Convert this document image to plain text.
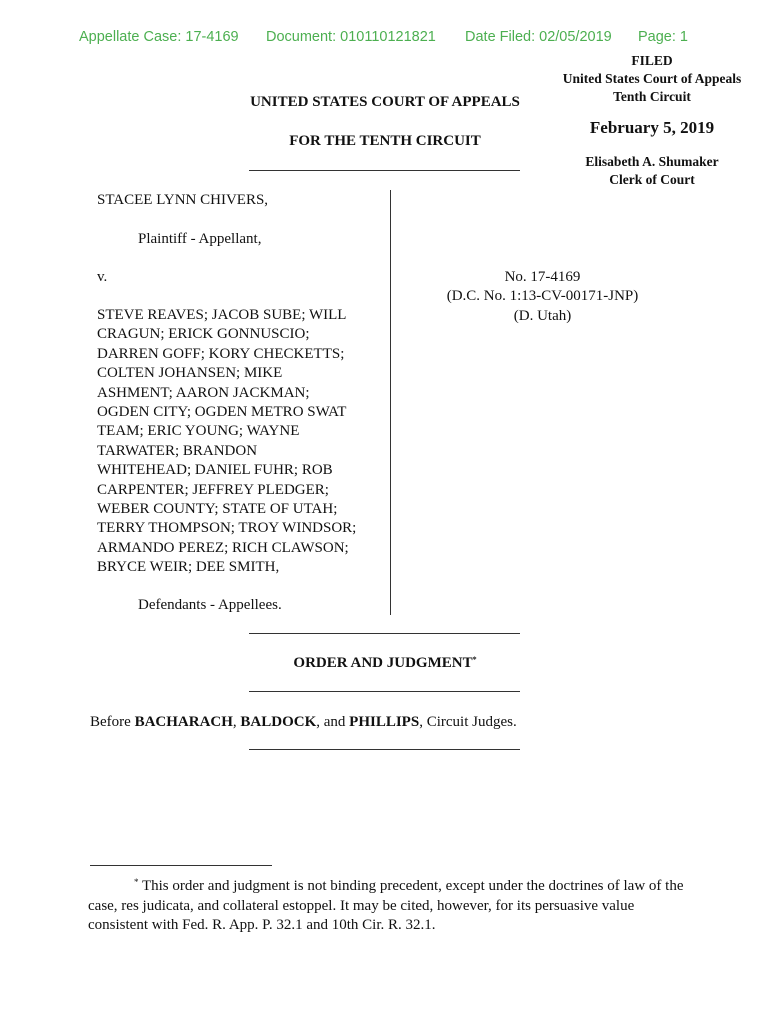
Appellate Case: 17-4169 Document: 010110121821 Date Filed: 02/05/2019 Page: 1
FILED
United States Court of Appeals
Tenth Circuit
February 5, 2019
Elisabeth A. Shumaker
Clerk of Court
UNITED STATES COURT OF APPEALS
FOR THE TENTH CIRCUIT
STACEE LYNN CHIVERS,
Plaintiff - Appellant,
v.
STEVE REAVES; JACOB SUBE; WILL
CRAGUN; ERICK GONNUSCIO;
DARREN GOFF; KORY CHECKETTS;
COLTEN JOHANSEN; MIKE
ASHMENT; AARON JACKMAN;
OGDEN CITY; OGDEN METRO SWAT
TEAM; ERIC YOUNG; WAYNE
TARWATER; BRANDON
WHITEHEAD; DANIEL FUHR; ROB
CARPENTER; JEFFREY PLEDGER;
WEBER COUNTY; STATE OF UTAH;
TERRY THOMPSON; TROY WINDSOR;
ARMANDO PEREZ; RICH CLAWSON;
BRYCE WEIR; DEE SMITH,
Defendants - Appellees.
No. 17-4169
(D.C. No. 1:13-CV-00171-JNP)
(D. Utah)
ORDER AND JUDGMENT*
Before BACHARACH, BALDOCK, and PHILLIPS, Circuit Judges.
* This order and judgment is not binding precedent, except under the doctrines of law of the case, res judicata, and collateral estoppel. It may be cited, however, for its persuasive value consistent with Fed. R. App. P. 32.1 and 10th Cir. R. 32.1.
